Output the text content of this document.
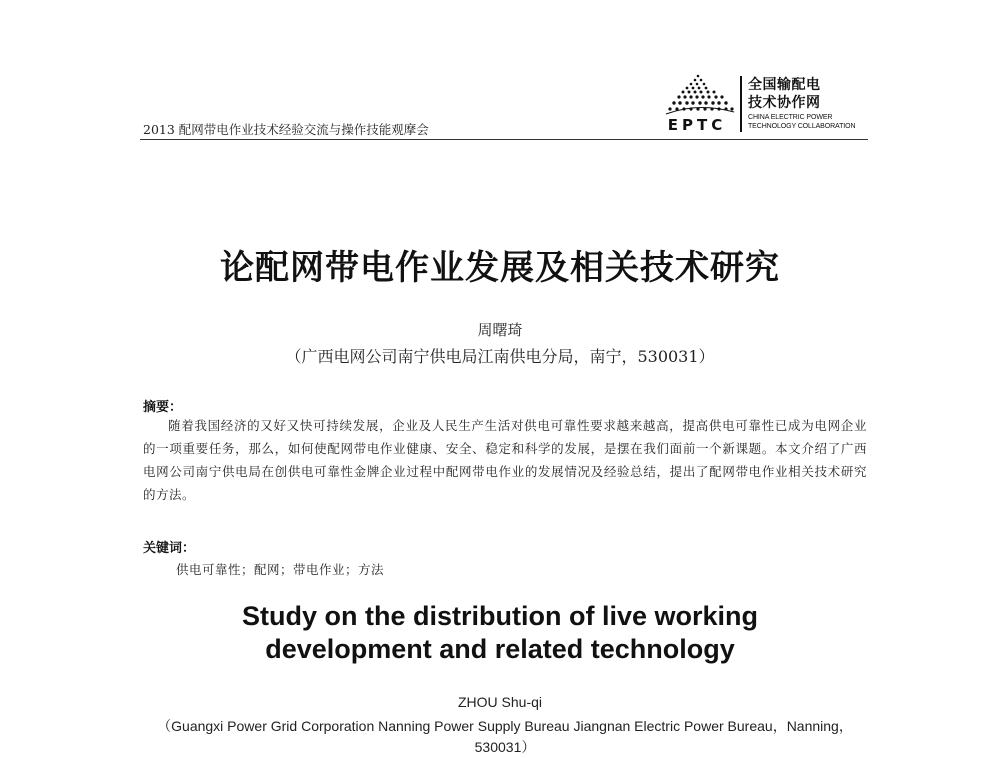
2013 配网带电作业技术经验交流与操作技能观摩会	EPTC
全国输配电
技术协作网
CHINA ELECTRIC POWER
TECHNOLOGY COLLABORATION
论配网带电作业发展及相关技术研究
周曙琦
（广西电网公司南宁供电局江南供电分局，南宁，530031）
摘要：
随着我国经济的又好又快可持续发展，企业及人民生产生活对供电可靠性要求越来越高，提高供电可靠性已成为电网企业的一项重要任务，那么，如何使配网带电作业健康、安全、稳定和科学的发展，是摆在我们面前一个新课题。本文介绍了广西电网公司南宁供电局在创供电可靠性金牌企业过程中配网带电作业的发展情况及经验总结，提出了配网带电作业相关技术研究的方法。
关键词：
供电可靠性；配网；带电作业；方法
Study on the distribution of live working
development and related technology
ZHOU Shu-qi
（Guangxi Power Grid Corporation Nanning Power Supply Bureau Jiangnan Electric Power Bureau，Nanning，530031）
